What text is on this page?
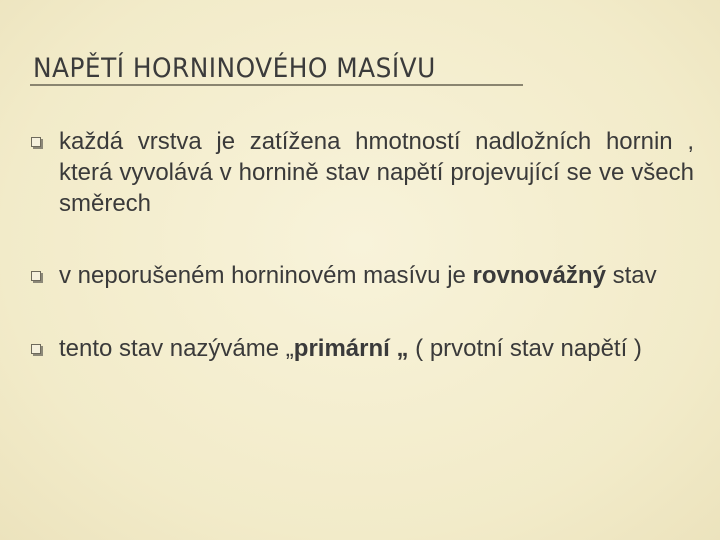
NAPĚTÍ HORNINOVÉHO MASÍVU
každá vrstva je zatížena hmotností nadložních hornin , která vyvolává v hornině stav napětí projevující se ve všech směrech
v neporušeném horninovém masívu je rovnovážný stav
tento stav nazýváme „primární „ ( prvotní stav napětí )
